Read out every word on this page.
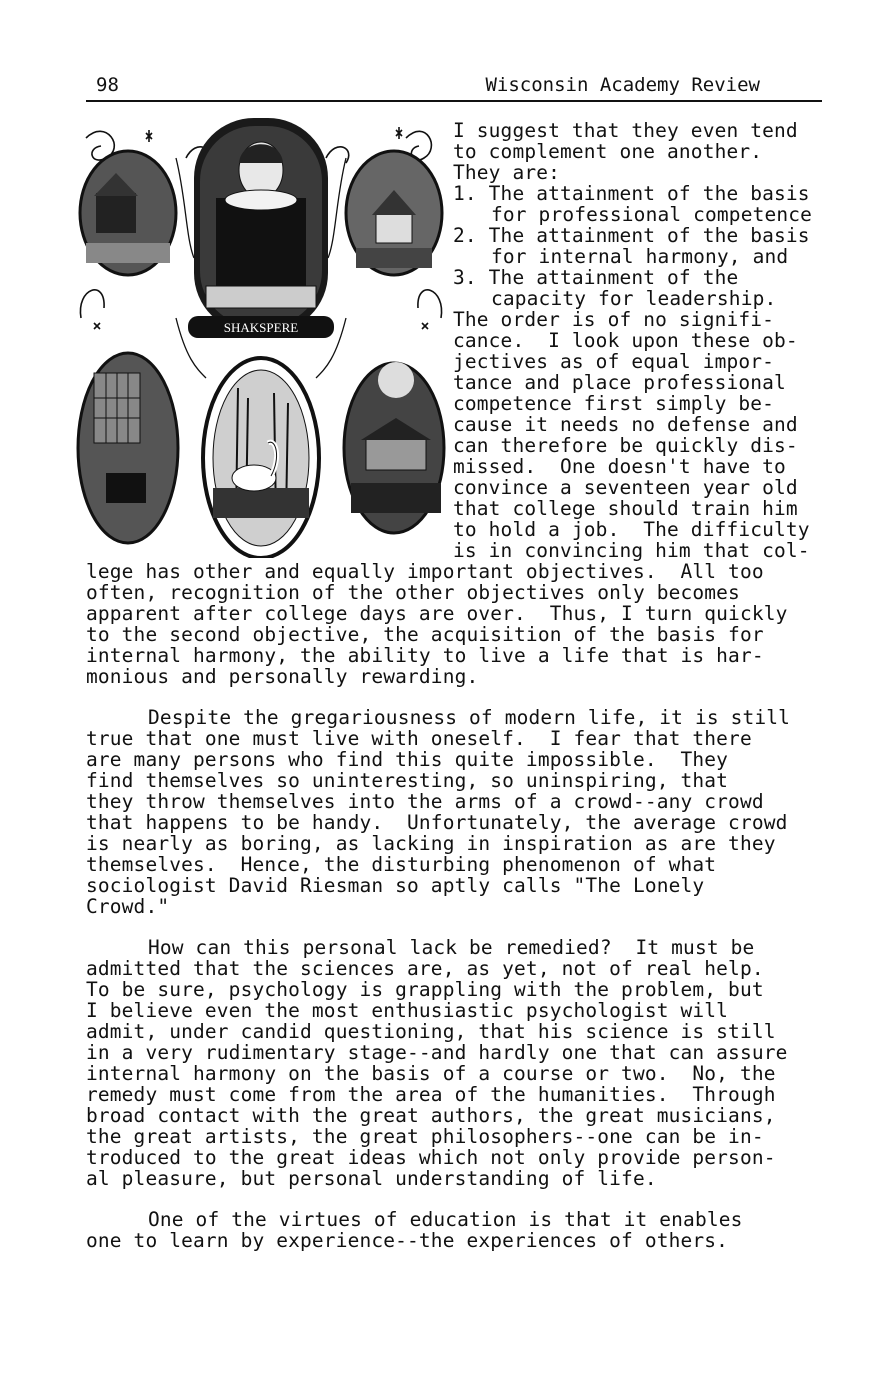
98	Wisconsin Academy Review
SHAKSPERE
I suggest that they even tend
to complement one another.
They are:
1. The attainment of the basis
for professional competence
2. The attainment of the basis
for internal harmony, and
3. The attainment of the
capacity for leadership.
The order is of no signifi-
cance.  I look upon these ob-
jectives as of equal impor-
tance and place professional
competence first simply be-
cause it needs no defense and
can therefore be quickly dis-
missed.  One doesn't have to
convince a seventeen year old
that college should train him
to hold a job.  The difficulty
is in convincing him that col-
lege has other and equally important objectives.  All too
often, recognition of the other objectives only becomes
apparent after college days are over.  Thus, I turn quickly
to the second objective, the acquisition of the basis for
internal harmony, the ability to live a life that is har-
monious and personally rewarding.
Despite the gregariousness of modern life, it is still
true that one must live with oneself.  I fear that there
are many persons who find this quite impossible.  They
find themselves so uninteresting, so uninspiring, that
they throw themselves into the arms of a crowd--any crowd
that happens to be handy.  Unfortunately, the average crowd
is nearly as boring, as lacking in inspiration as are they
themselves.  Hence, the disturbing phenomenon of what
sociologist David Riesman so aptly calls "The Lonely
Crowd."
How can this personal lack be remedied?  It must be
admitted that the sciences are, as yet, not of real help.
To be sure, psychology is grappling with the problem, but
I believe even the most enthusiastic psychologist will
admit, under candid questioning, that his science is still
in a very rudimentary stage--and hardly one that can assure
internal harmony on the basis of a course or two.  No, the
remedy must come from the area of the humanities.  Through
broad contact with the great authors, the great musicians,
the great artists, the great philosophers--one can be in-
troduced to the great ideas which not only provide person-
al pleasure, but personal understanding of life.
One of the virtues of education is that it enables
one to learn by experience--the experiences of others.
